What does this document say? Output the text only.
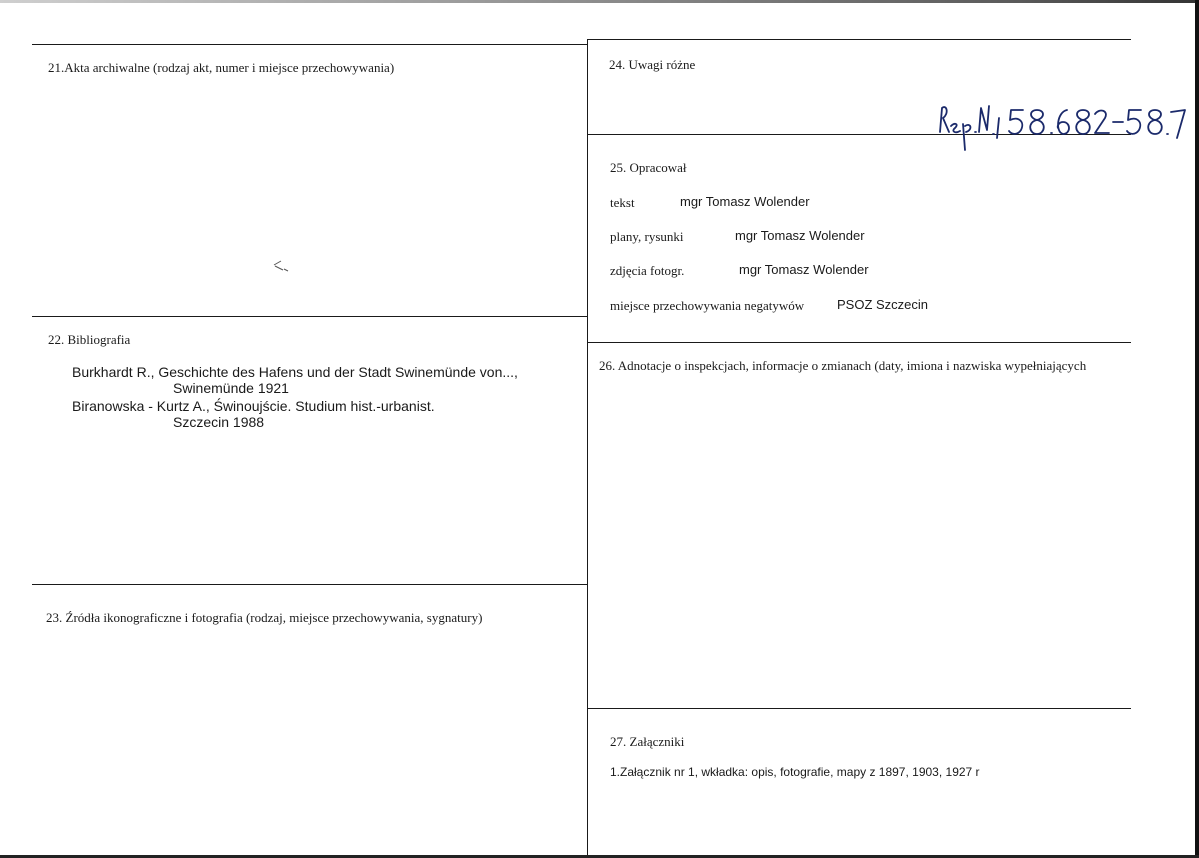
21.Akta archiwalne (rodzaj akt, numer i miejsce przechowywania)
22. Bibliografia
Burkhardt R., Geschichte des Hafens und der Stadt Swinemünde von...,
Swinemünde 1921
Biranowska - Kurtz A., Świnoujście. Studium hist.-urbanist.
Szczecin 1988
23. Źródła ikonograficzne i fotografia (rodzaj, miejsce przechowywania, sygnatury)
24. Uwagi różne
25. Opracował
tekst	mgr Tomasz Wolender
plany, rysunki	mgr Tomasz Wolender
zdjęcia fotogr.	mgr Tomasz Wolender
miejsce przechowywania negatywów	PSOZ Szczecin
26. Adnotacje o inspekcjach, informacje o zmianach (daty, imiona i nazwiska wypełniających
27. Załączniki
1.Załącznik nr 1, wkładka: opis, fotografie, mapy z 1897, 1903, 1927 r
